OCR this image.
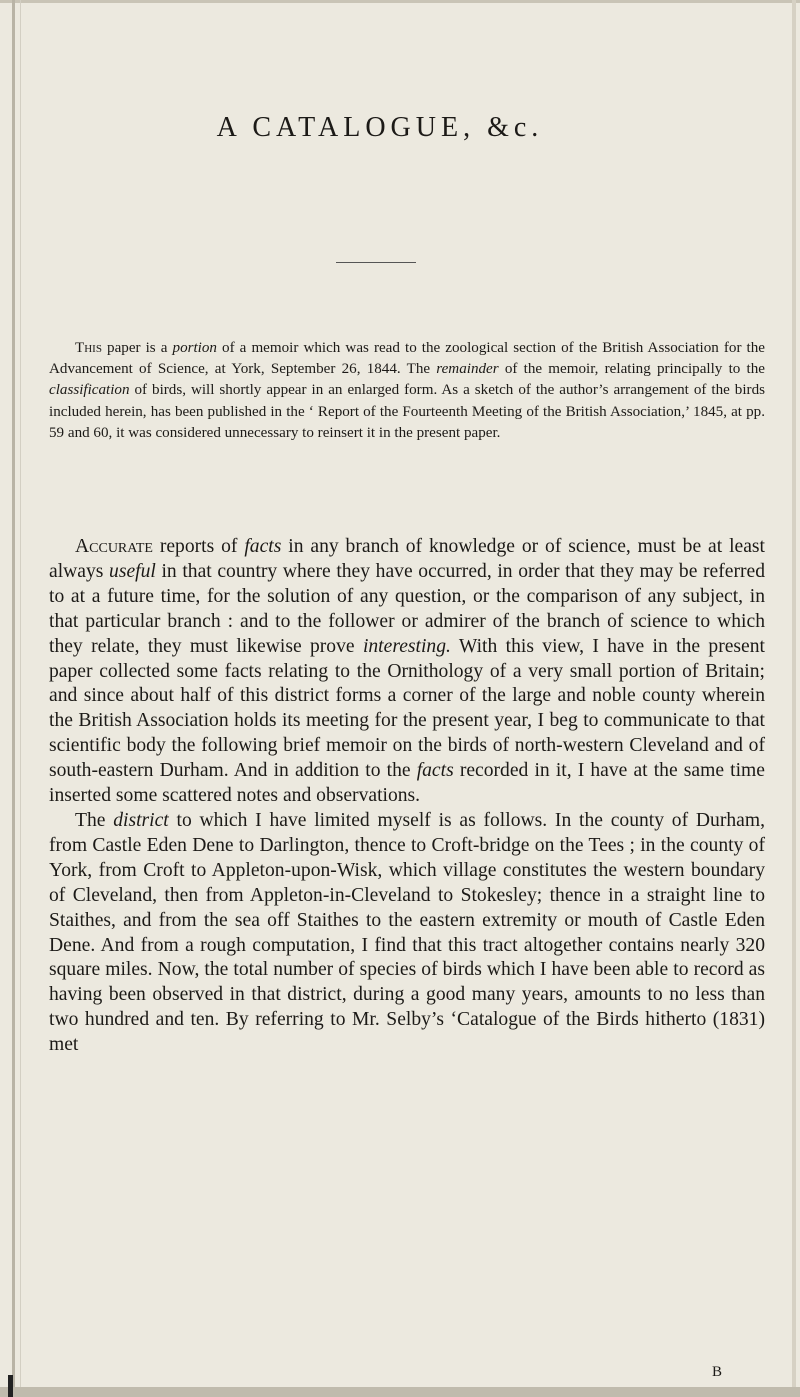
A CATALOGUE, &c.

This paper is a portion of a memoir which was read to the zoological section of the British Association for the Advancement of Science, at York, September 26, 1844. The remainder of the memoir, relating principally to the classification of birds, will shortly appear in an enlarged form. As a sketch of the author’s arrangement of the birds included herein, has been published in the ‘ Report of the Fourteenth Meeting of the British Association,’ 1845, at pp. 59 and 60, it was considered unnecessary to reinsert it in the present paper.

Accurate reports of facts in any branch of knowledge or of science, must be at least always useful in that country where they have occurred, in order that they may be referred to at a future time, for the solution of any question, or the comparison of any subject, in that particular branch : and to the follower or admirer of the branch of science to which they relate, they must likewise prove interesting. With this view, I have in the present paper collected some facts relating to the Ornithology of a very small portion of Britain; and since about half of this district forms a corner of the large and noble county wherein the British Association holds its meeting for the present year, I beg to communicate to that scientific body the following brief memoir on the birds of north-western Cleveland and of south-eastern Durham. And in addition to the facts recorded in it, I have at the same time inserted some scattered notes and observations.

The district to which I have limited myself is as follows. In the county of Durham, from Castle Eden Dene to Darlington, thence to Croft-bridge on the Tees ; in the county of York, from Croft to Appleton-upon-Wisk, which village constitutes the western boundary of Cleveland, then from Appleton-in-Cleveland to Stokesley; thence in a straight line to Staithes, and from the sea off Staithes to the eastern extremity or mouth of Castle Eden Dene. And from a rough computation, I find that this tract altogether contains nearly 320 square miles. Now, the total number of species of birds which I have been able to record as having been observed in that district, during a good many years, amounts to no less than two hundred and ten. By referring to Mr. Selby’s ‘Catalogue of the Birds hitherto (1831) met

B
